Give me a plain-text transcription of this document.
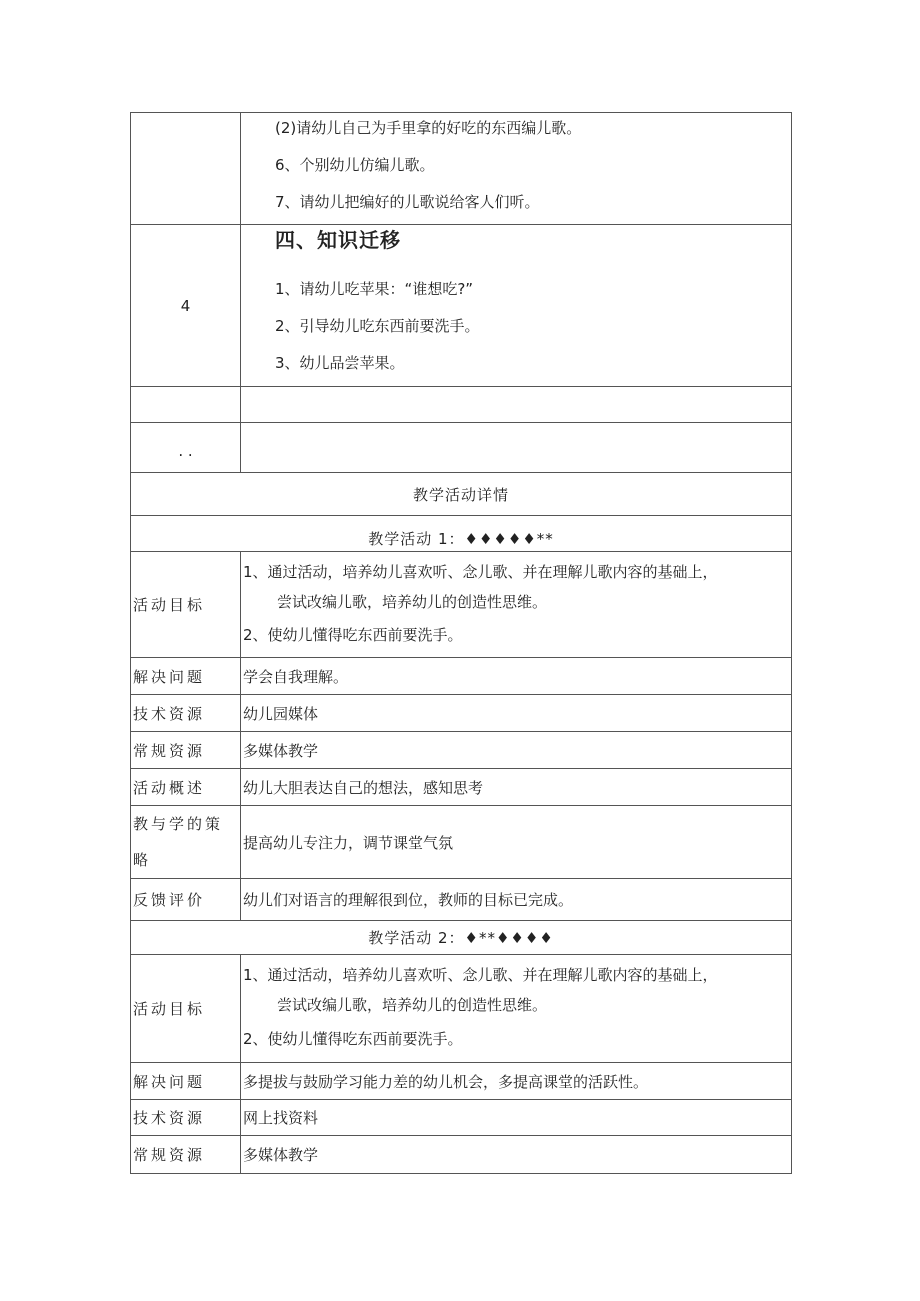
	(2)请幼儿自己为手里拿的好吃的东西编儿歌。

6、个别幼儿仿编儿歌。

7、请幼儿把编好的儿歌说给客人们听。

4	四、知识迁移

1、请幼儿吃苹果：“谁想吃?”

2、引导幼儿吃东西前要洗手。

3、幼儿品尝苹果。

. .	
教学活动详情	
教学活动 1：♦♦♦♦♦**	
活动目标	1、通过活动，培养幼儿喜欢听、念儿歌、并在理解儿歌内容的基础上，

尝试改编儿歌，培养幼儿的创造性思维。

2、使幼儿懂得吃东西前要洗手。

解决问题	学会自我理解。
技术资源	幼儿园媒体
常规资源	多媒体教学
活动概述	幼儿大胆表达自己的想法，感知思考

教与学的策
略	提高幼儿专注力，调节课堂气氛
反馈评价	幼儿们对语言的理解很到位，教师的目标已完成。
教学活动 2：♦**♦♦♦♦	
活动目标	1、通过活动，培养幼儿喜欢听、念儿歌、并在理解儿歌内容的基础上，

尝试改编儿歌，培养幼儿的创造性思维。

2、使幼儿懂得吃东西前要洗手。

解决问题	多提拔与鼓励学习能力差的幼儿机会，多提高课堂的活跃性。
技术资源	网上找资料
常规资源	多媒体教学
